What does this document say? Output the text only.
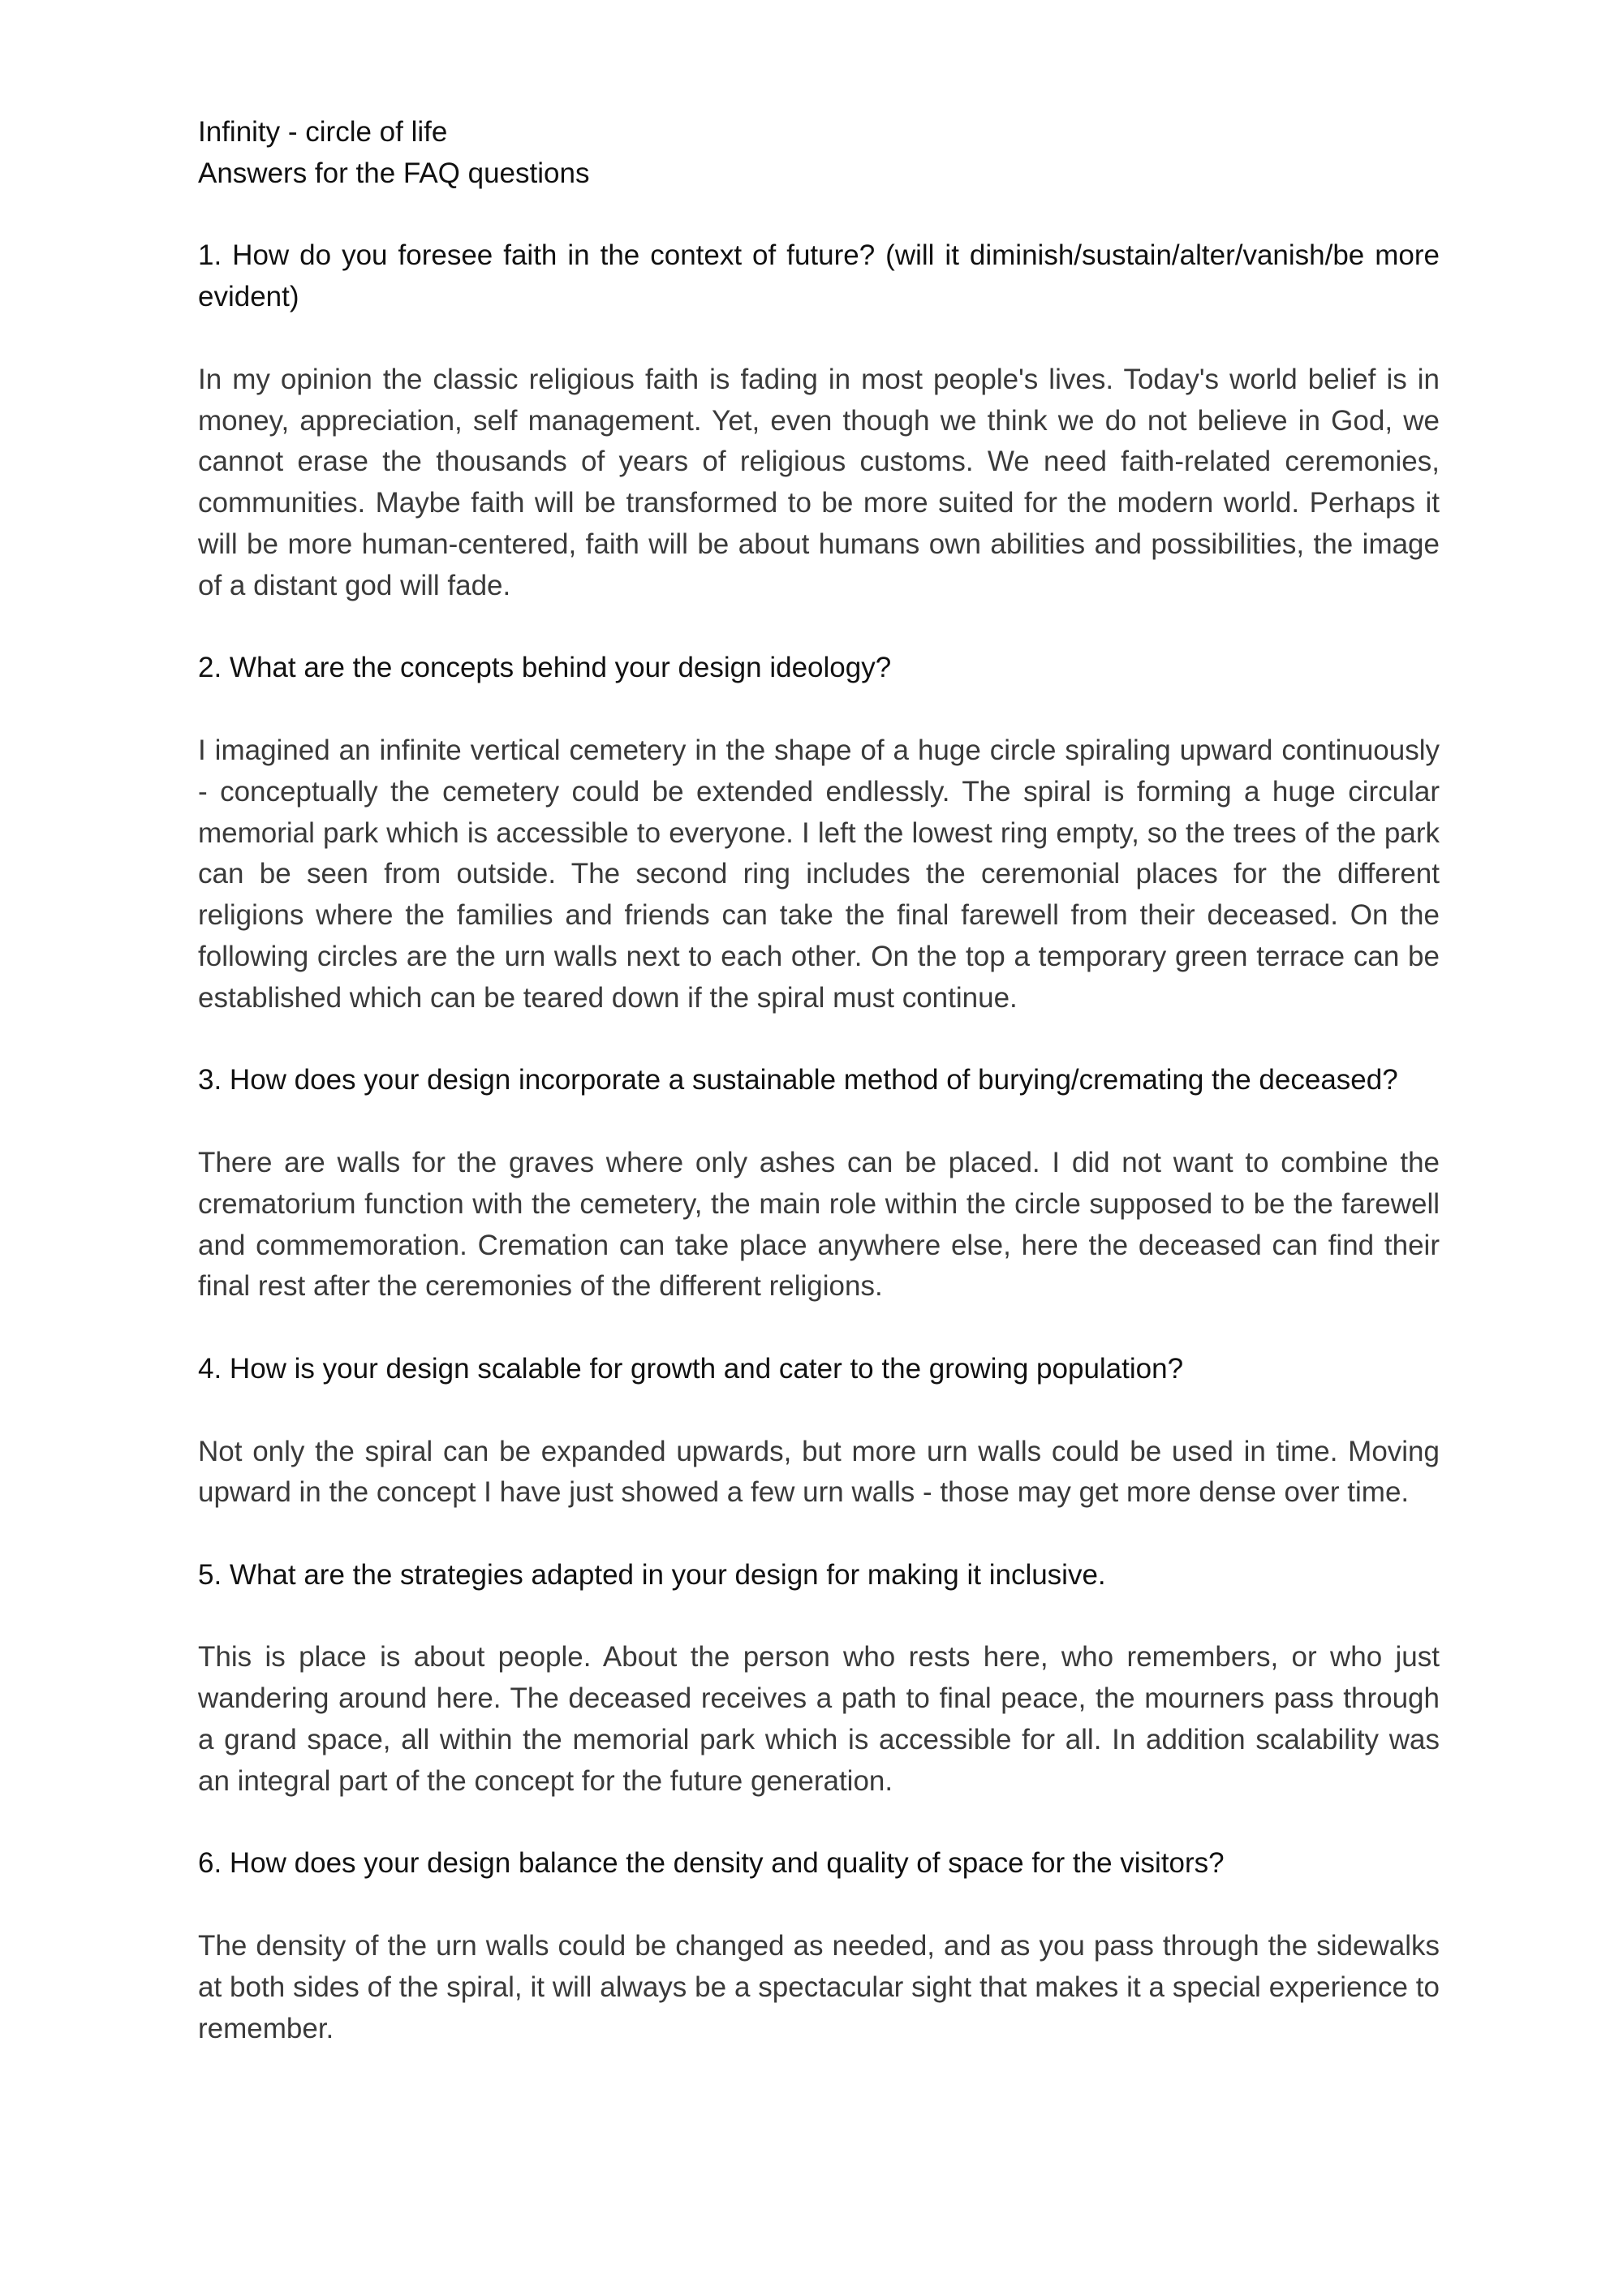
Infinity - circle of life

Answers for the FAQ questions

1. How do you foresee faith in the context of future? (will it diminish/sustain/alter/vanish/be more evident)

In my opinion the classic religious faith is fading in most people's lives. Today's world belief is in money, appreciation, self management. Yet, even though we think we do not believe in God, we cannot erase the thousands of years of religious customs. We need faith-related ceremonies, communities. Maybe faith will be transformed to be more suited for the modern world. Perhaps it will be more human-centered, faith will be about humans own abilities and possibilities, the image of a distant god will fade.

2. What are the concepts behind your design ideology?

I imagined an infinite vertical cemetery in the shape of a huge circle spiraling upward continuously - conceptually the cemetery could be extended endlessly. The spiral is forming a huge circular memorial park which is accessible to everyone. I left the lowest ring empty, so the trees of the park can be seen from outside. The second ring includes the ceremonial places for the different religions where the families and friends can take the final farewell from their deceased. On the following circles are the urn walls next to each other. On the top a temporary green terrace can be established which can be teared down if the spiral must continue.

3. How does your design incorporate a sustainable method of burying/cremating the deceased?

There are walls for the graves where only ashes can be placed. I did not want to combine the crematorium function with the cemetery, the main role within the circle supposed to be the farewell and commemoration. Cremation can take place anywhere else, here the deceased can find their final rest after the ceremonies of the different religions.

4. How is your design scalable for growth and cater to the growing population?

Not only the spiral can be expanded upwards, but more urn walls could be used in time. Moving upward in the concept I have just showed a few urn walls - those may get more dense over time.

5. What are the strategies adapted in your design for making it inclusive.

This is place is about people. About the person who rests here, who remembers, or who just wandering around here. The deceased receives a path to final peace, the mourners pass through a grand space, all within the memorial park which is accessible for all. In addition scalability was an integral part of the concept for the future generation.

6. How does your design balance the density and quality of space for the visitors?

The density of the urn walls could be changed as needed, and as you pass through the sidewalks at both sides of the spiral, it will always be a spectacular sight that makes it a special experience to remember.
